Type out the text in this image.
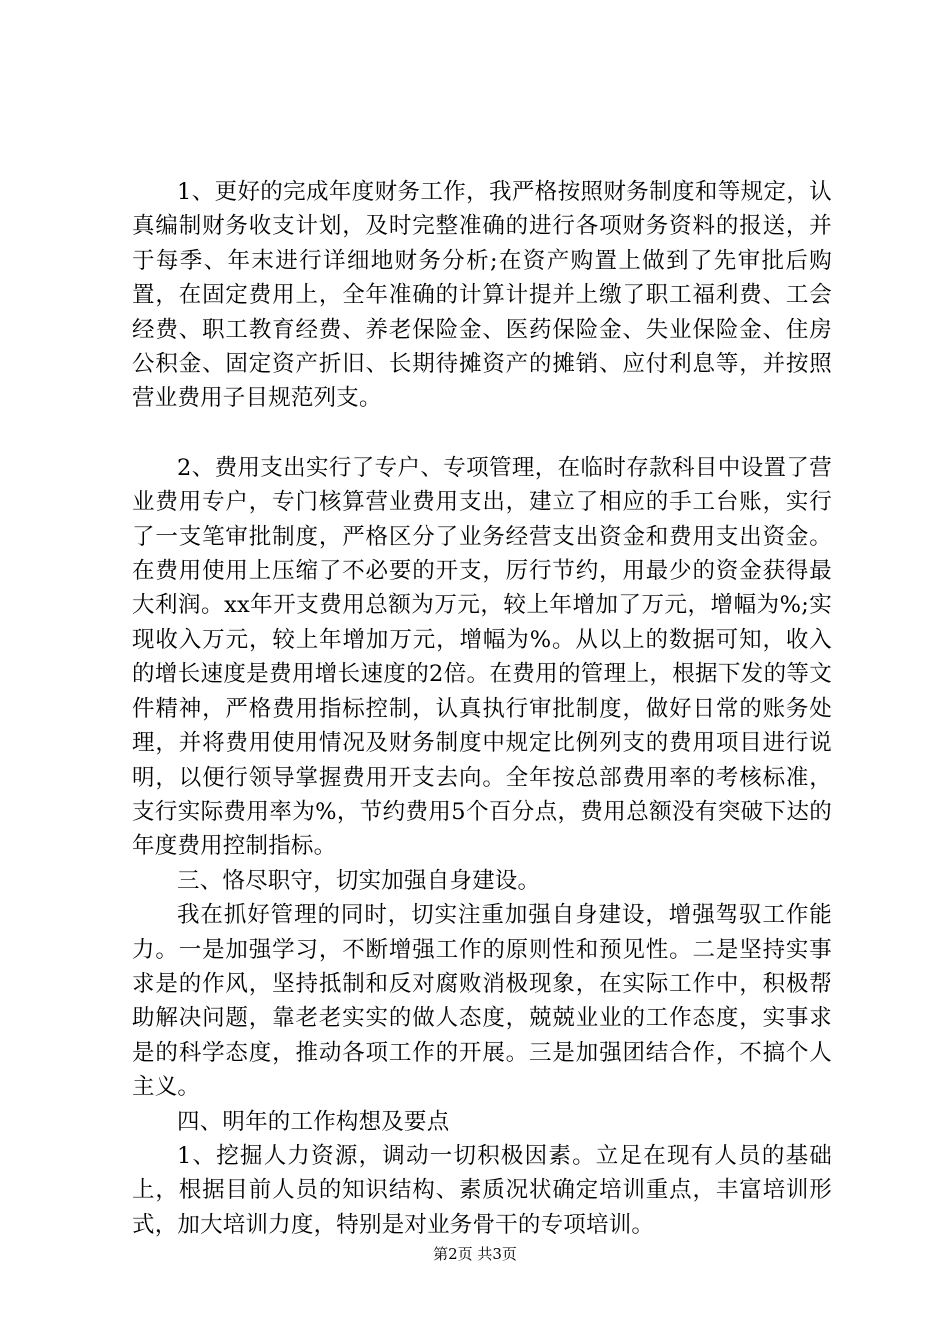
1、更好的完成年度财务工作，我严格按照财务制度和等规定，认真编制财务收支计划，及时完整准确的进行各项财务资料的报送，并于每季、年末进行详细地财务分析;在资产购置上做到了先审批后购置，在固定费用上，全年准确的计算计提并上缴了职工福利费、工会经费、职工教育经费、养老保险金、医药保险金、失业保险金、住房公积金、固定资产折旧、长期待摊资产的摊销、应付利息等，并按照营业费用子目规范列支。

2、费用支出实行了专户、专项管理，在临时存款科目中设置了营业费用专户，专门核算营业费用支出，建立了相应的手工台账，实行了一支笔审批制度，严格区分了业务经营支出资金和费用支出资金。在费用使用上压缩了不必要的开支，厉行节约，用最少的资金获得最大利润。xx年开支费用总额为万元，较上年增加了万元，增幅为%;实现收入万元，较上年增加万元，增幅为%。从以上的数据可知，收入的增长速度是费用增长速度的2倍。在费用的管理上，根据下发的等文件精神，严格费用指标控制，认真执行审批制度，做好日常的账务处理，并将费用使用情况及财务制度中规定比例列支的费用项目进行说明，以便行领导掌握费用开支去向。全年按总部费用率的考核标准，支行实际费用率为%，节约费用5个百分点，费用总额没有突破下达的年度费用控制指标。

三、恪尽职守，切实加强自身建设。

我在抓好管理的同时，切实注重加强自身建设，增强驾驭工作能力。一是加强学习，不断增强工作的原则性和预见性。二是坚持实事求是的作风，坚持抵制和反对腐败消极现象，在实际工作中，积极帮助解决问题，靠老老实实的做人态度，兢兢业业的工作态度，实事求是的科学态度，推动各项工作的开展。三是加强团结合作，不搞个人主义。

四、明年的工作构想及要点

1、挖掘人力资源，调动一切积极因素。立足在现有人员的基础上，根据目前人员的知识结构、素质况状确定培训重点，丰富培训形式，加大培训力度，特别是对业务骨干的专项培训。

第2页 共3页
